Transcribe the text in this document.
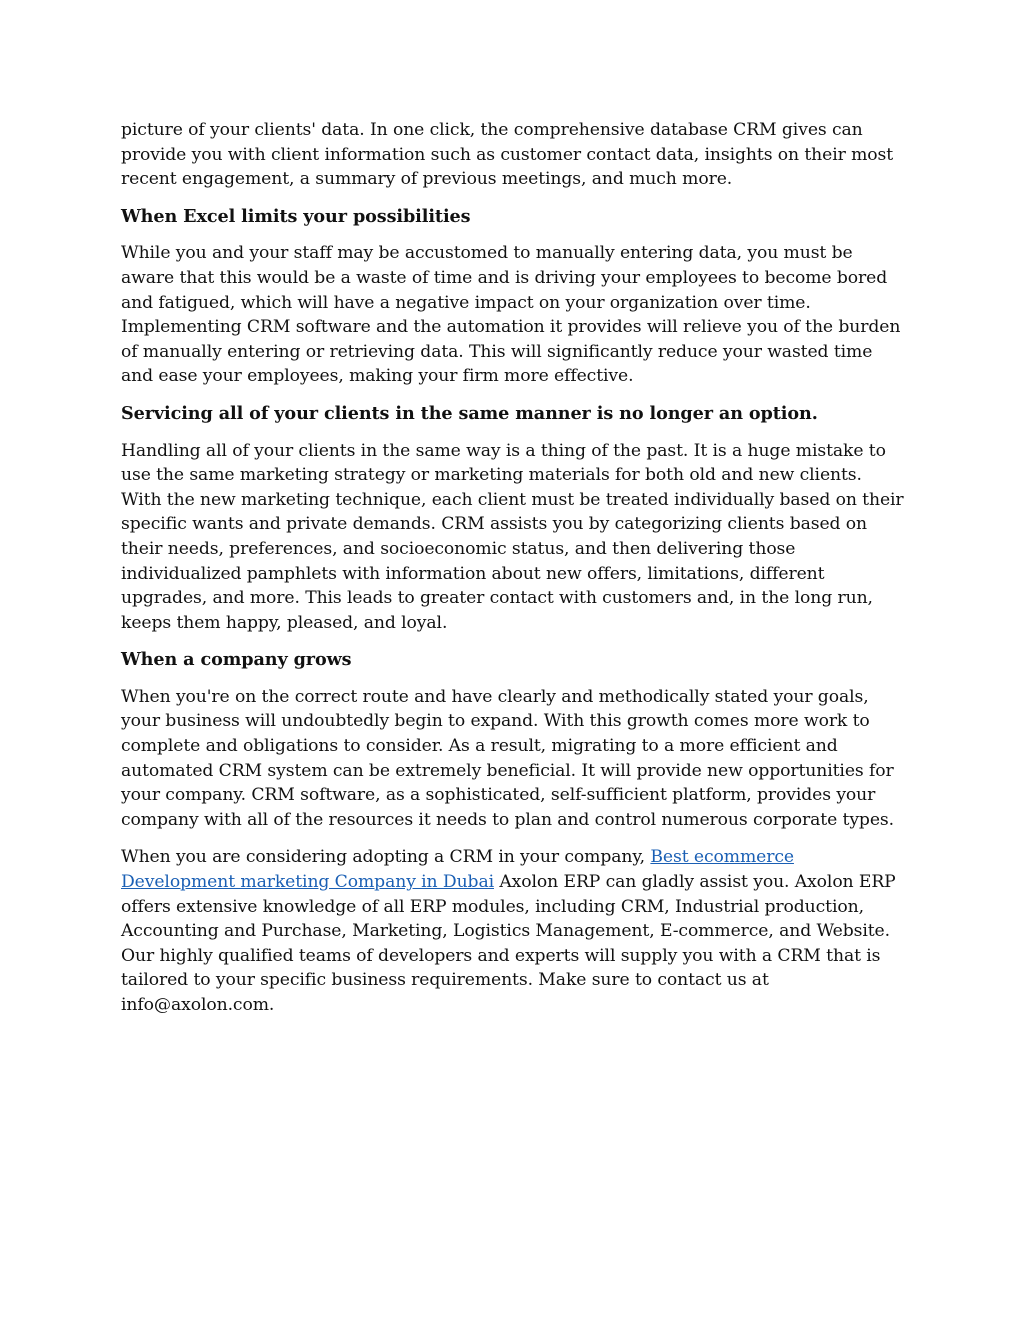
picture of your clients' data. In one click, the comprehensive database CRM gives can provide you with client information such as customer contact data, insights on their most recent engagement, a summary of previous meetings, and much more.

When Excel limits your possibilities

While you and your staff may be accustomed to manually entering data, you must be aware that this would be a waste of time and is driving your employees to become bored and fatigued, which will have a negative impact on your organization over time. Implementing CRM software and the automation it provides will relieve you of the burden of manually entering or retrieving data. This will significantly reduce your wasted time and ease your employees, making your firm more effective.

Servicing all of your clients in the same manner is no longer an option.

Handling all of your clients in the same way is a thing of the past. It is a huge mistake to use the same marketing strategy or marketing materials for both old and new clients. With the new marketing technique, each client must be treated individually based on their specific wants and private demands. CRM assists you by categorizing clients based on their needs, preferences, and socioeconomic status, and then delivering those individualized pamphlets with information about new offers, limitations, different upgrades, and more. This leads to greater contact with customers and, in the long run, keeps them happy, pleased, and loyal.

When a company grows

When you're on the correct route and have clearly and methodically stated your goals, your business will undoubtedly begin to expand. With this growth comes more work to complete and obligations to consider. As a result, migrating to a more efficient and automated CRM system can be extremely beneficial. It will provide new opportunities for your company. CRM software, as a sophisticated, self-sufficient platform, provides your company with all of the resources it needs to plan and control numerous corporate types.

When you are considering adopting a CRM in your company, Best ecommerce Development marketing Company in Dubai Axolon ERP can gladly assist you. Axolon ERP offers extensive knowledge of all ERP modules, including CRM, Industrial production, Accounting and Purchase, Marketing, Logistics Management, E-commerce, and Website. Our highly qualified teams of developers and experts will supply you with a CRM that is tailored to your specific business requirements. Make sure to contact us at info@axolon.com.
